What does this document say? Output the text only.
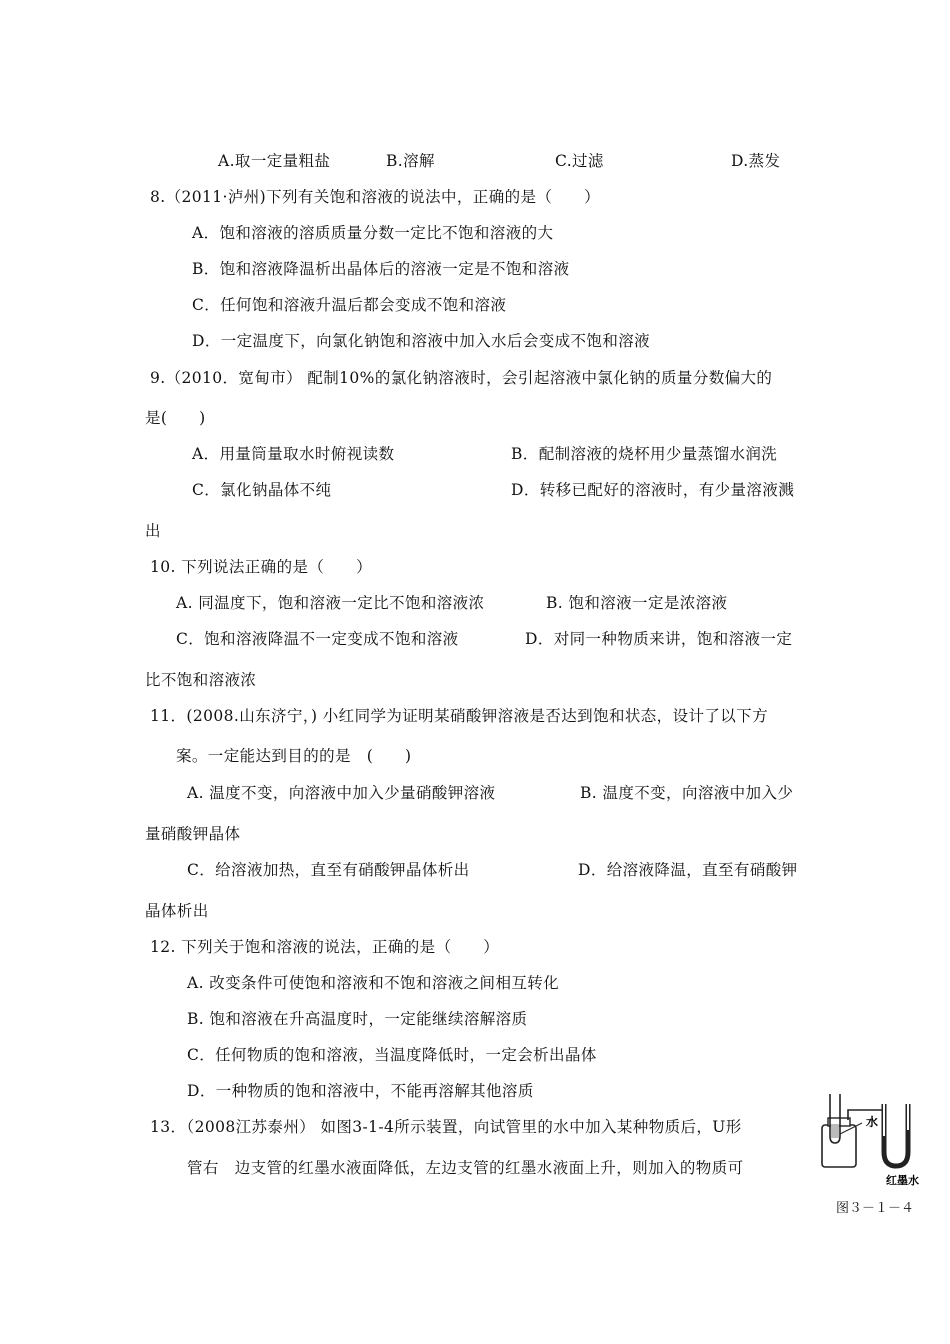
A.取一定量粗盐	B.溶解	C.过滤	D.蒸发
8.（2011·泸州)下列有关饱和溶液的说法中，正确的是（　　）
A．饱和溶液的溶质质量分数一定比不饱和溶液的大
B．饱和溶液降温析出晶体后的溶液一定是不饱和溶液
C．任何饱和溶液升温后都会变成不饱和溶液
D．一定温度下，向氯化钠饱和溶液中加入水后会变成不饱和溶液
9.（2010．宽甸市） 配制10%的氯化钠溶液时，会引起溶液中氯化钠的质量分数偏大的
是(　　)
A．用量筒量取水时俯视读数	B．配制溶液的烧杯用少量蒸馏水润洗
C．氯化钠晶体不纯	D．转移已配好的溶液时，有少量溶液溅
出
10. 下列说法正确的是（　　）
A. 同温度下，饱和溶液一定比不饱和溶液浓	B. 饱和溶液一定是浓溶液
C．饱和溶液降温不一定变成不饱和溶液	D．对同一种物质来讲，饱和溶液一定
比不饱和溶液浓
11．(2008.山东济宁，) 小红同学为证明某硝酸钾溶液是否达到饱和状态，设计了以下方
案。一定能达到目的的是　(　　)
A. 温度不变，向溶液中加入少量硝酸钾溶液	B. 温度不变，向溶液中加入少
量硝酸钾晶体
C．给溶液加热，直至有硝酸钾晶体析出	D．给溶液降温，直至有硝酸钾
晶体析出
12. 下列关于饱和溶液的说法，正确的是（　　）
A. 改变条件可使饱和溶液和不饱和溶液之间相互转化
B. 饱和溶液在升高温度时，一定能继续溶解溶质
C．任何物质的饱和溶液，当温度降低时，一定会析出晶体
D．一种物质的饱和溶液中，不能再溶解其他溶质
13．（2008江苏泰州） 如图3-1-4所示装置，向试管里的水中加入某种物质后，U形
管右　边支管的红墨水液面降低，左边支管的红墨水液面上升，则加入的物质可
水
红墨水
图３－１－４
